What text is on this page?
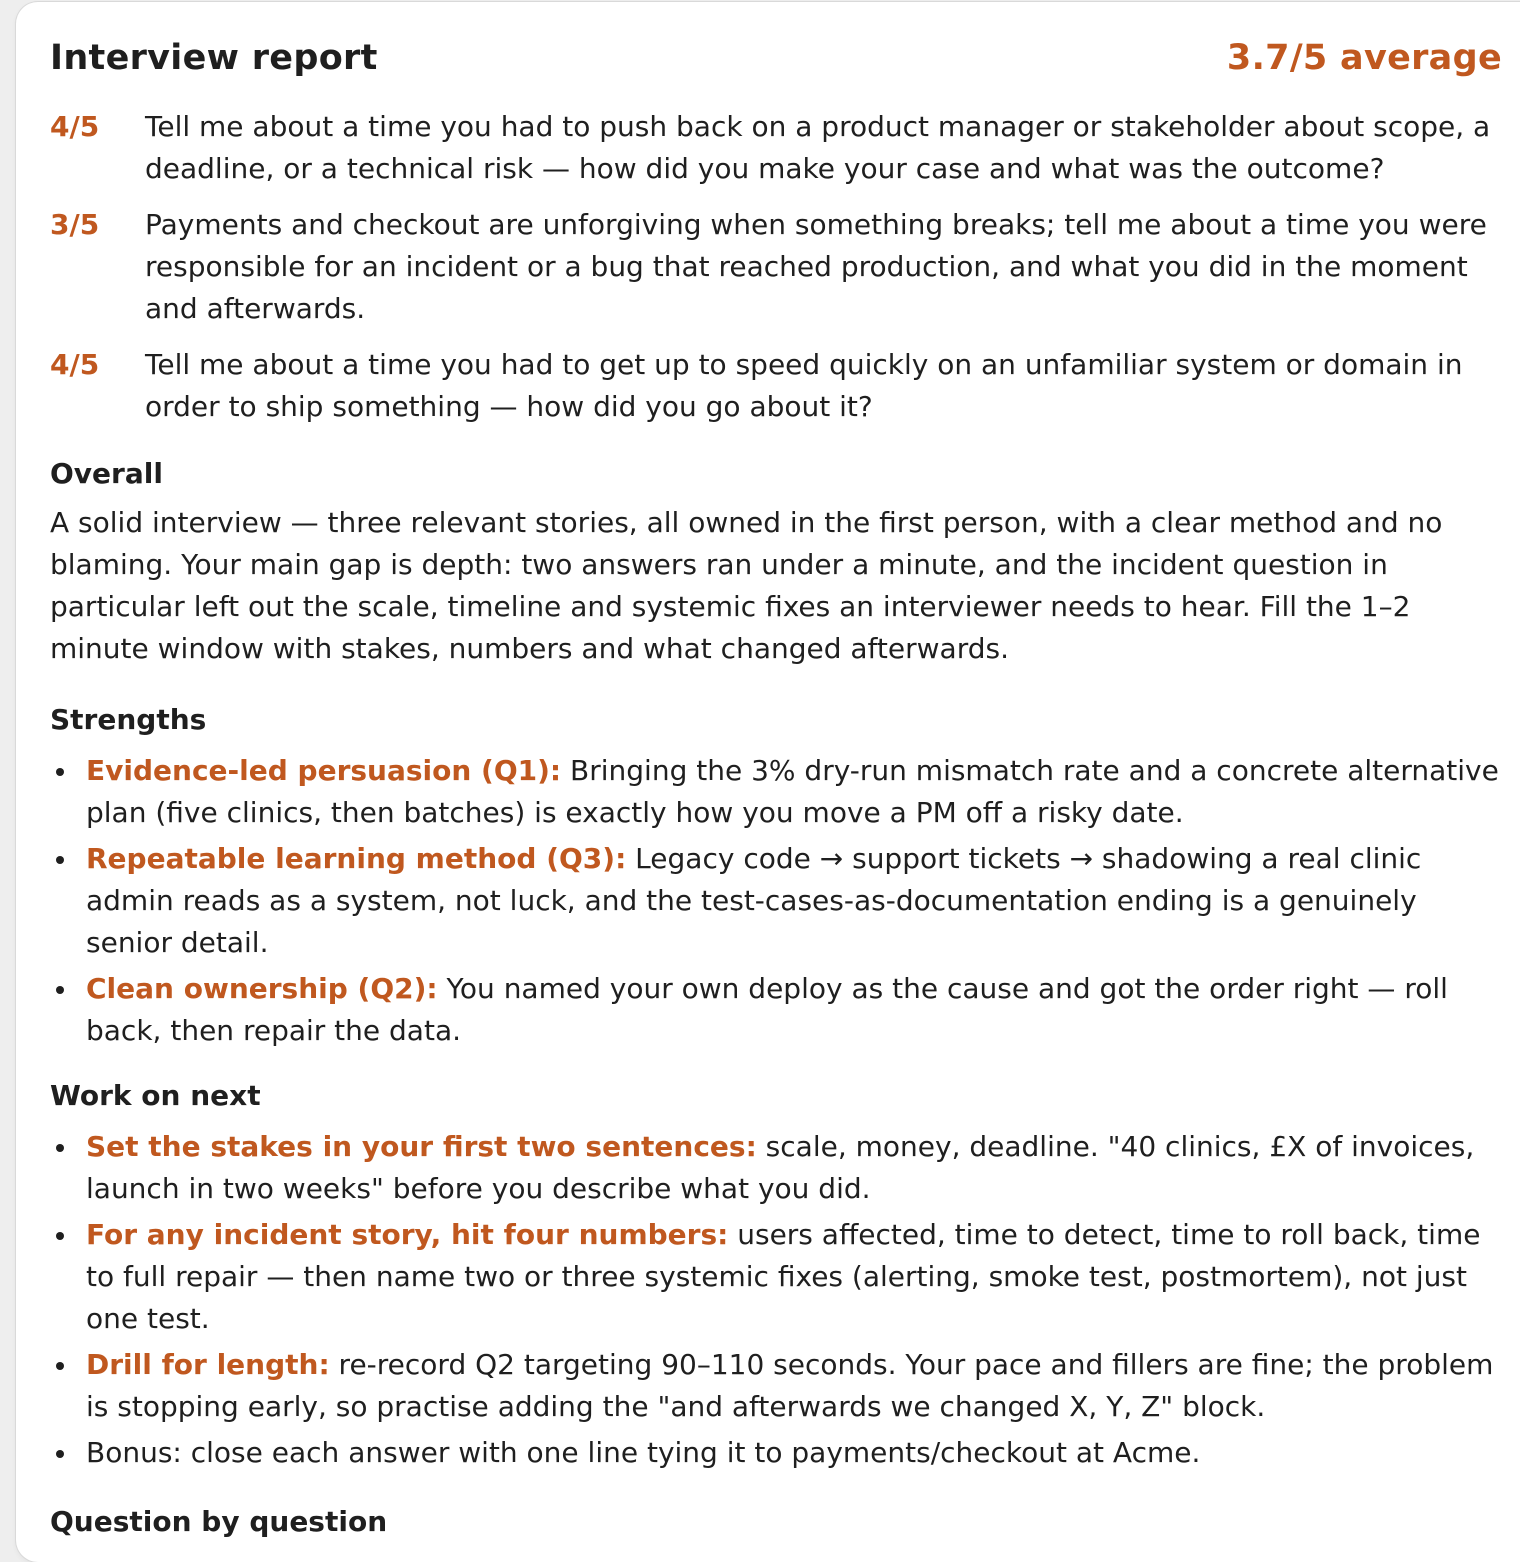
Interview report	3.7/5 average
4/5	Tell me about a time you had to push back on a product manager or stakeholder about scope, a deadline, or a technical risk — how did you make your case and what was the outcome?
3/5	Payments and checkout are unforgiving when something breaks; tell me about a time you were responsible for an incident or a bug that reached production, and what you did in the moment and afterwards.
4/5	Tell me about a time you had to get up to speed quickly on an unfamiliar system or domain in order to ship something — how did you go about it?
Overall
A solid interview — three relevant stories, all owned in the first person, with a clear method and no blaming. Your main gap is depth: two answers ran under a minute, and the incident question in particular left out the scale, timeline and systemic fixes an interviewer needs to hear. Fill the 1–2 minute window with stakes, numbers and what changed afterwards.
Strengths
Evidence-led persuasion (Q1): Bringing the 3% dry-run mismatch rate and a concrete alternative plan (five clinics, then batches) is exactly how you move a PM off a risky date.
Repeatable learning method (Q3): Legacy code → support tickets → shadowing a real clinic admin reads as a system, not luck, and the test-cases-as-documentation ending is a genuinely senior detail.
Clean ownership (Q2): You named your own deploy as the cause and got the order right — roll back, then repair the data.
Work on next
Set the stakes in your first two sentences: scale, money, deadline. "40 clinics, £X of invoices, launch in two weeks" before you describe what you did.
For any incident story, hit four numbers: users affected, time to detect, time to roll back, time to full repair — then name two or three systemic fixes (alerting, smoke test, postmortem), not just one test.
Drill for length: re-record Q2 targeting 90–110 seconds. Your pace and fillers are fine; the problem is stopping early, so practise adding the "and afterwards we changed X, Y, Z" block.
Bonus: close each answer with one line tying it to payments/checkout at Acme.
Question by question
